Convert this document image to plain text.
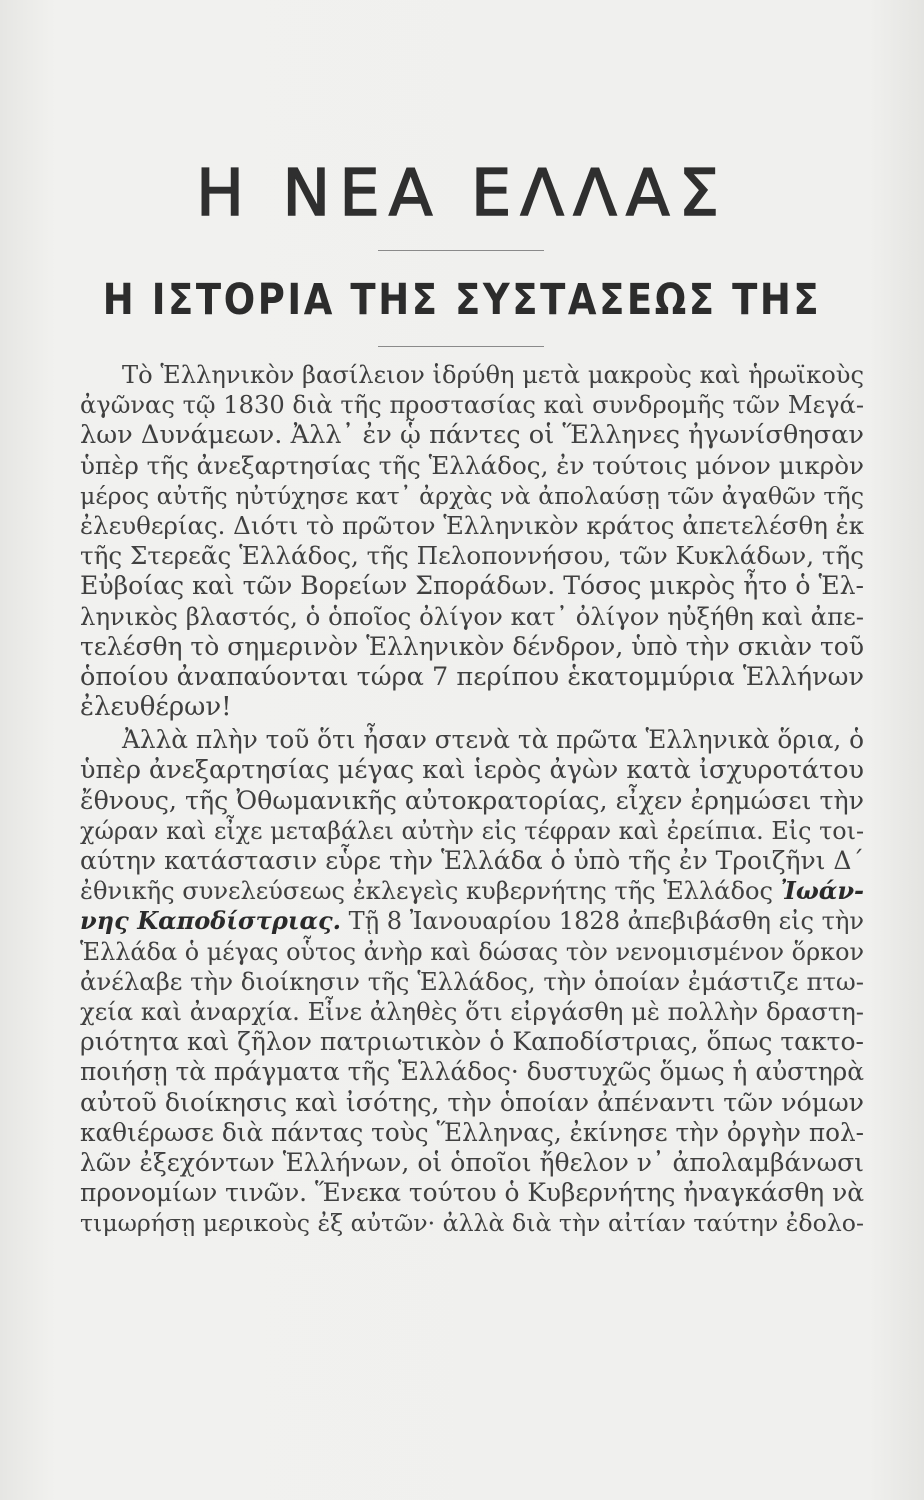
Η ΝΕΑ ΕΛΛΑΣ
Η ΙΣΤΟΡΙΑ ΤΗΣ ΣΥΣΤΑΣΕΩΣ ΤΗΣ
Τὸ Ἑλληνικὸν βασίλειον ἱδρύθη μετὰ μακροὺς καὶ ἡρωϊκοὺς
ἀγῶνας τῷ 1830 διὰ τῆς προστασίας καὶ συνδρομῆς τῶν Μεγά-
λων Δυνάμεων. Ἀλλ᾽ ἐν ᾧ πάντες οἱ Ἕλληνες ἠγωνίσθησαν
ὑπὲρ τῆς ἀνεξαρτησίας τῆς Ἑλλάδος, ἐν τούτοις μόνον μικρὸν
μέρος αὐτῆς ηὐτύχησε κατ᾽ ἀρχὰς νὰ ἀπολαύσῃ τῶν ἀγαθῶν τῆς
ἐλευθερίας. Διότι τὸ πρῶτον Ἑλληνικὸν κράτος ἀπετελέσθη ἐκ
τῆς Στερεᾶς Ἑλλάδος, τῆς Πελοποννήσου, τῶν Κυκλάδων, τῆς
Εὐβοίας καὶ τῶν Βορείων Σποράδων. Τόσος μικρὸς ἦτο ὁ Ἑλ-
ληνικὸς βλαστός, ὁ ὁποῖος ὀλίγον κατ᾽ ὀλίγον ηὐξήθη καὶ ἀπε-
τελέσθη τὸ σημερινὸν Ἑλληνικὸν δένδρον, ὑπὸ τὴν σκιὰν τοῦ
ὁποίου ἀναπαύονται τώρα 7 περίπου ἑκατομμύρια Ἑλλήνων
ἐλευθέρων!
Ἀλλὰ πλὴν τοῦ ὅτι ἦσαν στενὰ τὰ πρῶτα Ἑλληνικὰ ὅρια, ὁ
ὑπὲρ ἀνεξαρτησίας μέγας καὶ ἱερὸς ἀγὼν κατὰ ἰσχυροτάτου
ἔθνους, τῆς Ὀθωμανικῆς αὐτοκρατορίας, εἶχεν ἐρημώσει τὴν
χώραν καὶ εἶχε μεταβάλει αὐτὴν εἰς τέφραν καὶ ἐρείπια. Εἰς τοι-
αύτην κατάστασιν εὗρε τὴν Ἑλλάδα ὁ ὑπὸ τῆς ἐν Τροιζῆνι Δ´
ἐθνικῆς συνελεύσεως ἐκλεγεὶς κυβερνήτης τῆς Ἑλλάδος Ἰωάν-
νης Καποδίστριας. Τῇ 8 Ἰανουαρίου 1828 ἀπεβιβάσθη εἰς τὴν
Ἑλλάδα ὁ μέγας οὗτος ἀνὴρ καὶ δώσας τὸν νενομισμένον ὅρκον
ἀνέλαβε τὴν διοίκησιν τῆς Ἑλλάδος, τὴν ὁποίαν ἐμάστιζε πτω-
χεία καὶ ἀναρχία. Εἶνε ἀληθὲς ὅτι εἰργάσθη μὲ πολλὴν δραστη-
ριότητα καὶ ζῆλον πατριωτικὸν ὁ Καποδίστριας, ὅπως τακτο-
ποιήσῃ τὰ πράγματα τῆς Ἑλλάδος· δυστυχῶς ὅμως ἡ αὐστηρὰ
αὐτοῦ διοίκησις καὶ ἰσότης, τὴν ὁποίαν ἀπέναντι τῶν νόμων
καθιέρωσε διὰ πάντας τοὺς Ἕλληνας, ἐκίνησε τὴν ὀργὴν πολ-
λῶν ἐξεχόντων Ἑλλήνων, οἱ ὁποῖοι ἤθελον ν᾽ ἀπολαμβάνωσι
προνομίων τινῶν. Ἕνεκα τούτου ὁ Κυβερνήτης ἠναγκάσθη νὰ
τιμωρήσῃ μερικοὺς ἐξ αὐτῶν· ἀλλὰ διὰ τὴν αἰτίαν ταύτην ἐδολο-
